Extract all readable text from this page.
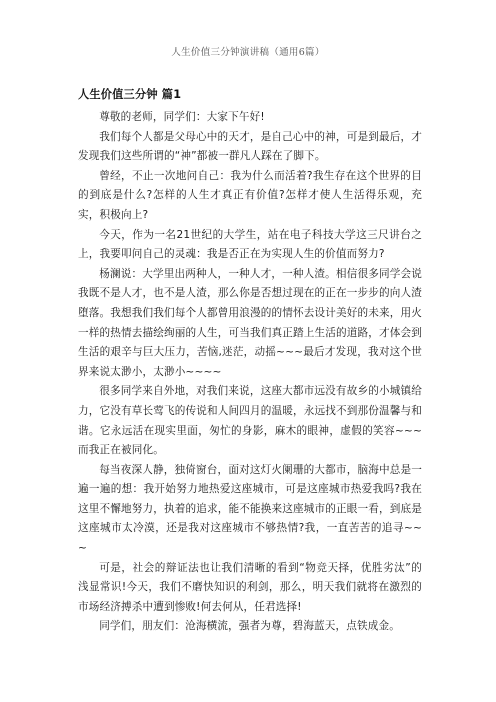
人生价值三分钟演讲稿（通用6篇）
人生价值三分钟 篇1

尊敬的老师，同学们：大家下午好!

我们每个人都是父母心中的天才，是自己心中的神，可是到最后，才发现我们这些所谓的“神”都被一群凡人踩在了脚下。

曾经，不止一次地问自己：我为什么而活着?我生存在这个世界的目的到底是什么?怎样的人生才真正有价值?怎样才使人生活得乐观，充实，积极向上?

今天，作为一名21世纪的大学生，站在电子科技大学这三尺讲台之上，我要叩问自己的灵魂：我是否正在为实现人生的价值而努力?

杨澜说：大学里出两种人，一种人才，一种人渣。相信很多同学会说我既不是人才，也不是人渣，那么你是否想过现在的正在一步步的向人渣堕落。我想我们我们每个人都曾用浪漫的的情怀去设计美好的未来，用火一样的热情去描绘绚丽的人生，可当我们真正踏上生活的道路，才体会到生活的艰辛与巨大压力，苦恼,迷茫，动摇~~~最后才发现，我对这个世界来说太渺小，太渺小~~~~

很多同学来自外地，对我们来说，这座大都市远没有故乡的小城镇给力，它没有草长莺飞的传说和人间四月的温暖，永远找不到那份温馨与和谐。它永远活在现实里面，匆忙的身影，麻木的眼神，虚假的笑容~~~而我正在被同化。

每当夜深人静，独倚窗台，面对这灯火阑珊的大都市，脑海中总是一遍一遍的想：我开始努力地热爱这座城市，可是这座城市热爱我吗?我在这里不懈地努力，执着的追求，能不能换来这座城市的正眼一看，到底是这座城市太冷漠，还是我对这座城市不够热情?我，一直苦苦的追寻~~~

可是，社会的辩证法也让我们清晰的看到“物竞天择，优胜劣汰”的浅显常识!今天，我们不磨快知识的利剑，那么，明天我们就将在激烈的市场经济搏杀中遭到惨败!何去何从，任君选择!

同学们，朋友们：沧海横流，强者为尊，碧海蓝天，点铁成金。
